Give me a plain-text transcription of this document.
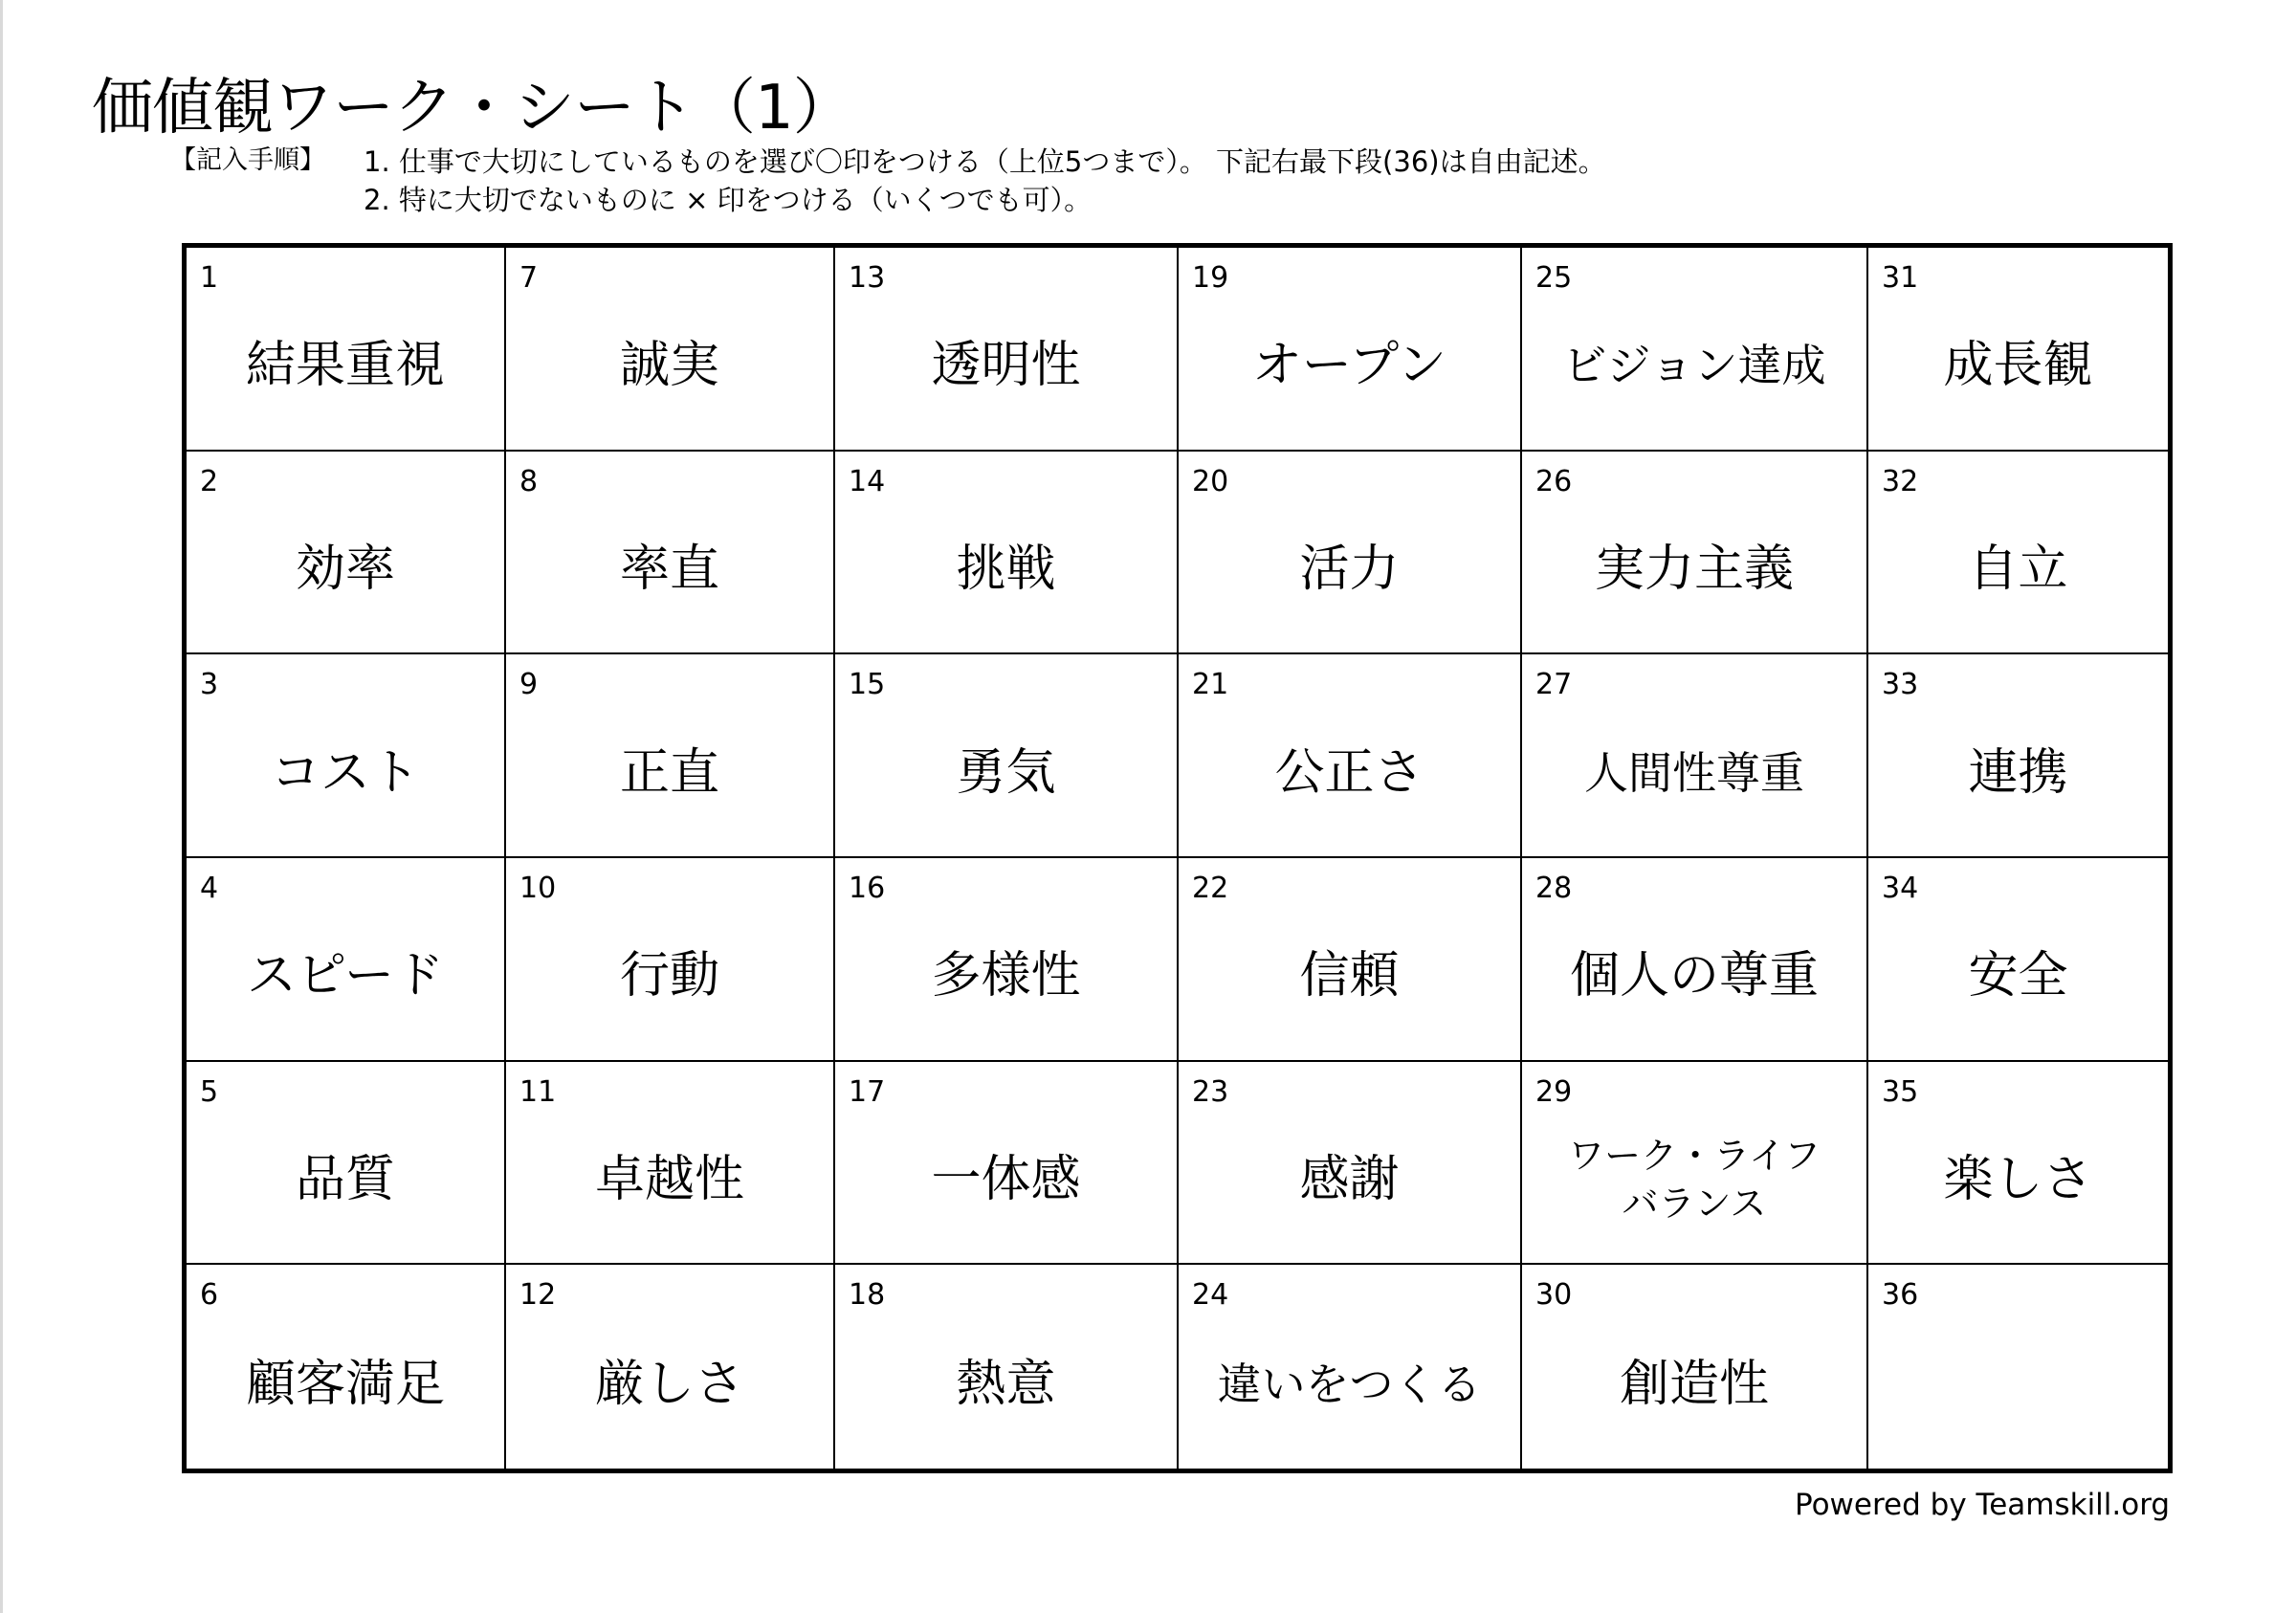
価値観ワーク・シート（1）
【記入手順】 1. 仕事で大切にしているものを選び〇印をつける（上位5つまで）。 下記右最下段(36)は自由記述。
2. 特に大切でないものに × 印をつける（いくつでも可）。
1
結果重視
7
誠実
13
透明性
19
オープン
25
ビジョン達成
31
成長観
2
効率
8
率直
14
挑戦
20
活力
26
実力主義
32
自立
3
コスト
9
正直
15
勇気
21
公正さ
27
人間性尊重
33
連携
4
スピード
10
行動
16
多様性
22
信頼
28
個人の尊重
34
安全
5
品質
11
卓越性
17
一体感
23
感謝
29
ワーク・ライフ
バランス
35
楽しさ
6
顧客満足
12
厳しさ
18
熱意
24
違いをつくる
30
創造性
36
Powered by Teamskill.org
